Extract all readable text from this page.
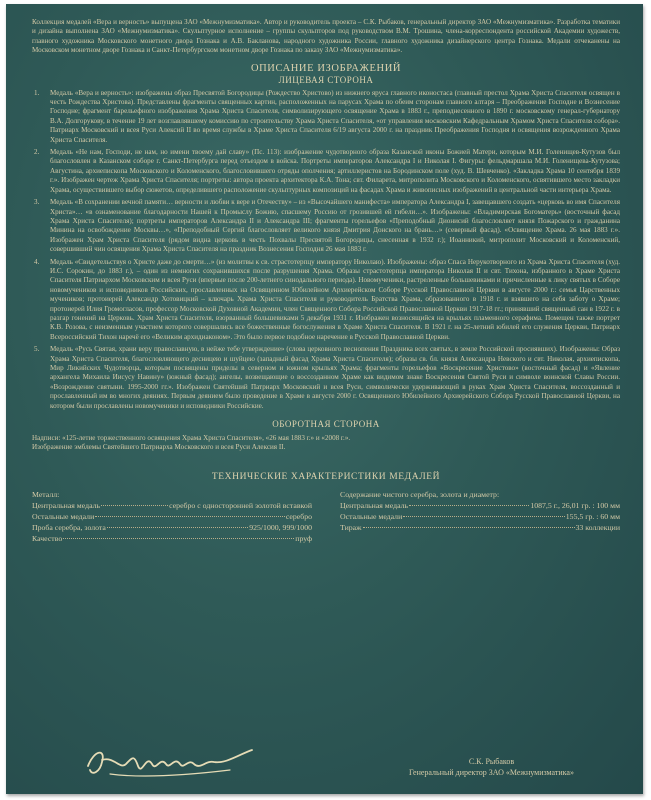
Коллекция медалей «Вера и верность» выпущена ЗАО «Межнумизматика». Автор и руководитель проекта – С.К. Рыбаков, генеральный директор ЗАО «Межнумизматика». Разработка тематики и дизайна выполнена ЗАО «Межнумизматика». Скульптурное исполнение – группы скульпторов под руководством В.М. Трошина, члена-корреспондента российской Академии художеств, главного художника Московского монетного двора Гознака и А.В. Бакланова, народного художника России, главного художника дизайнерского центра Гознака. Медали отчеканены на Московском монетном дворе Гознака и Санкт-Петербургском монетном дворе Гознака по заказу ЗАО «Межнумизматика».

ОПИСАНИЕ ИЗОБРАЖЕНИЙ
ЛИЦЕВАЯ СТОРОНА
1. Медаль «Вера и верность»: изображены образ Пресвятой Богородицы (Рождество Христово) из нижнего яруса главного иконостаса (главный престол Храма Христа Спасителя освящен в честь Рождества Христова). Представлены фрагменты священных картин, расположенных на парусах Храма по обеим сторонам главного алтаря – Преображение Господне и Вознесение Господне; фрагмент барельефного изображения Храма Христа Спасителя, символизирующего освящение Храма в 1883 г., преподнесенного в 1890 г. московскому генерал-губернатору В.А. Долгорукову, в течение 19 лет возглавлявшему комиссию по строительству Храма Христа Спасителя, «от управления московским Кафедральным Храмом Христа Спасителя собора». Патриарх Московский и всея Руси Алексий II во время службы в Храме Христа Спасителя 6/19 августа 2000 г. на праздник Преображения Господня и освящения возрожденного Храма Христа Спасителя.

2. Медаль «Не нам, Господи, не нам, но имени твоему дай славу» (Пс. 113): изображение чудотворного образа Казанской иконы Божией Матери, которым М.И. Голенищев-Кутузов был благословлен в Казанском соборе г. Санкт-Петербурга перед отъездом в войска. Портреты императоров Александра I и Николая I. Фигуры: фельдмаршала М.И. Голенищева-Кутузова; Августина, архиепископа Московского и Коломенского, благословившего отряды ополчения; артиллеристов на Бородинском поле (худ. В. Шевченко). «Закладка Храма 10 сентября 1839 г.». Изображен чертеж Храма Христа Спасителя; портреты: автора проекта архитектора К.А. Тона; свт. Филарета, митрополита Московского и Коломенского, освятившего место закладки Храма, осуществившего выбор сюжетов, определившего расположение скульптурных композиций на фасадах Храма и живописных изображений в центральной части интерьера Храма.

3. Медаль «В сохранении вечной памяти… верности и любви к вере и Отечеству» – из «Высочайшего манифеста» императора Александра I, завещавшего создать «церковь во имя Спасителя Христа»… «в ознаменование благодарности Нашей к Промыслу Божию, спасшему Россию от грозившей ей гибели…». Изображены: «Владимирская Богоматерь» (восточный фасад Храма Христа Спасителя); портреты императоров Александра II и Александра III; фрагменты горельефов «Преподобный Дионисий благословляет князя Пожарского и гражданина Минина на освобождение Москвы…», «Преподобный Сергий благословляет великого князя Дмитрия Донского на брань…» (северный фасад). «Освящение Храма. 26 мая 1883 г.». Изображен Храм Христа Спасителя (рядом видна церковь в честь Похвалы Пресвятой Богородицы, снесенная в 1932 г.); Иоанникий, митрополит Московский и Коломенский, совершивший чин освящения Храма Христа Спасителя на праздник Вознесения Господня 26 мая 1883 г.

4. Медаль «Свидетельствуя о Христе даже до смерти…» (из молитвы к св. страстотерпцу императору Николаю). Изображены: образ Спаса Нерукотворного из Храма Христа Спасителя (худ. И.С. Сорокин, до 1883 г.), – один из немногих сохранившихся после разрушения Храма. Образы страстотерпца императора Николая II и свт. Тихона, избранного в Храме Христа Спасителя Патриархом Московским и всея Руси (впервые после 200-летнего синодального периода). Новомученики, растреленные большевиками и причисленные к лику святых в Соборе новомучеников и исповедников Российских, прославленных на Освященном Юбилейном Архиерейском Соборе Русской Православной Церкви в августе 2000 г.: семья Царственных мучеников; протоиерей Александр Хотовицкий – ключарь Храма Христа Спасителя и руководитель Братства Храма, образованного в 1918 г. и взявшего на себя заботу о Храме; протоиерей Илия Громогласов, профессор Московской Духовной Академии, член Священного Собора Российской Православной Церкви 1917-18 гг.; принявший священный сан в 1922 г. в разгар гонений на Церковь. Храм Христа Спасителя, взорванный большевиками 5 декабря 1931 г. Изображен возносящийся на крыльях пламенного серафима. Помещен также портрет К.В. Розова, с неизменным участием которого совершались все божественные богослужения в Храме Христа Спасителя. В 1921 г. на 25-летний юбилей его служения Церкви, Патриарх Всероссийский Тихон наречё его «Великим архидиаконом». Это было первое подобное наречение в Русской Православной Церкви.

5. Медаль «Русь Святая, храни веру православную, в нейже тебе утверждение» (слова церковного песнопения Праздника всех святых, в земле Российской просиявших). Изображены: Образ Храма Христа Спасителя, благословляющего десницею и шуйцею (западный фасад Храма Христа Спасителя); образы св. бл. князя Александра Невского и свт. Николая, архиепископа, Мир Ликийских Чудотворца, которым посвящены приделы в северном и южном крыльях Храма; фрагменты горельефов «Воскресение Христово» (восточный фасад) и «Явление архангела Михаила Иисусу Навину» (южный фасад); ангелы, возвещающие о воссозданном Храме как видимом знаке Воскресения Святой Руси и символе воинской Славы России. «Возрождение святыни. 1995-2000 гг.». Изображен Святейший Патриарх Московский и всея Руси, символически удерживающий в руках Храм Христа Спасителя, воссозданный и прославленный им во многих деяниях. Первым деянием было проведение в Храме в августе 2000 г. Освященного Юбилейного Архиерейского Собора Русской Православной Церкви, на котором были прославлены новомученики и исповедники Российские.

ОБОРОТНАЯ СТОРОНА

Надписи: «125-летие торжественного освящения Храма Христа Спасителя», «26 мая 1883 г.» и «2008 г.».

Изображение эмблемы Святейшего Патриарха Московского и всея Руси Алексия II.

ТЕХНИЧЕСКИЕ ХАРАКТЕРИСТИКИ МЕДАЛЕЙ
Металл:
Центральная медаль	серебро с односторонней золотой вставкой
Остальные медали	серебро
Проба серебра, золота	925/1000, 999/1000
Качество	пруф
Содержание чистого серебра, золота и диаметр:
Центральная медаль	1087,5 г., 26,01 гр. : 100 мм
Остальные медали	155,5 гр. : 60 мм
Тираж	33 коллекции
С.К. Рыбаков
Генеральный директор ЗАО «Межнумизматика»
